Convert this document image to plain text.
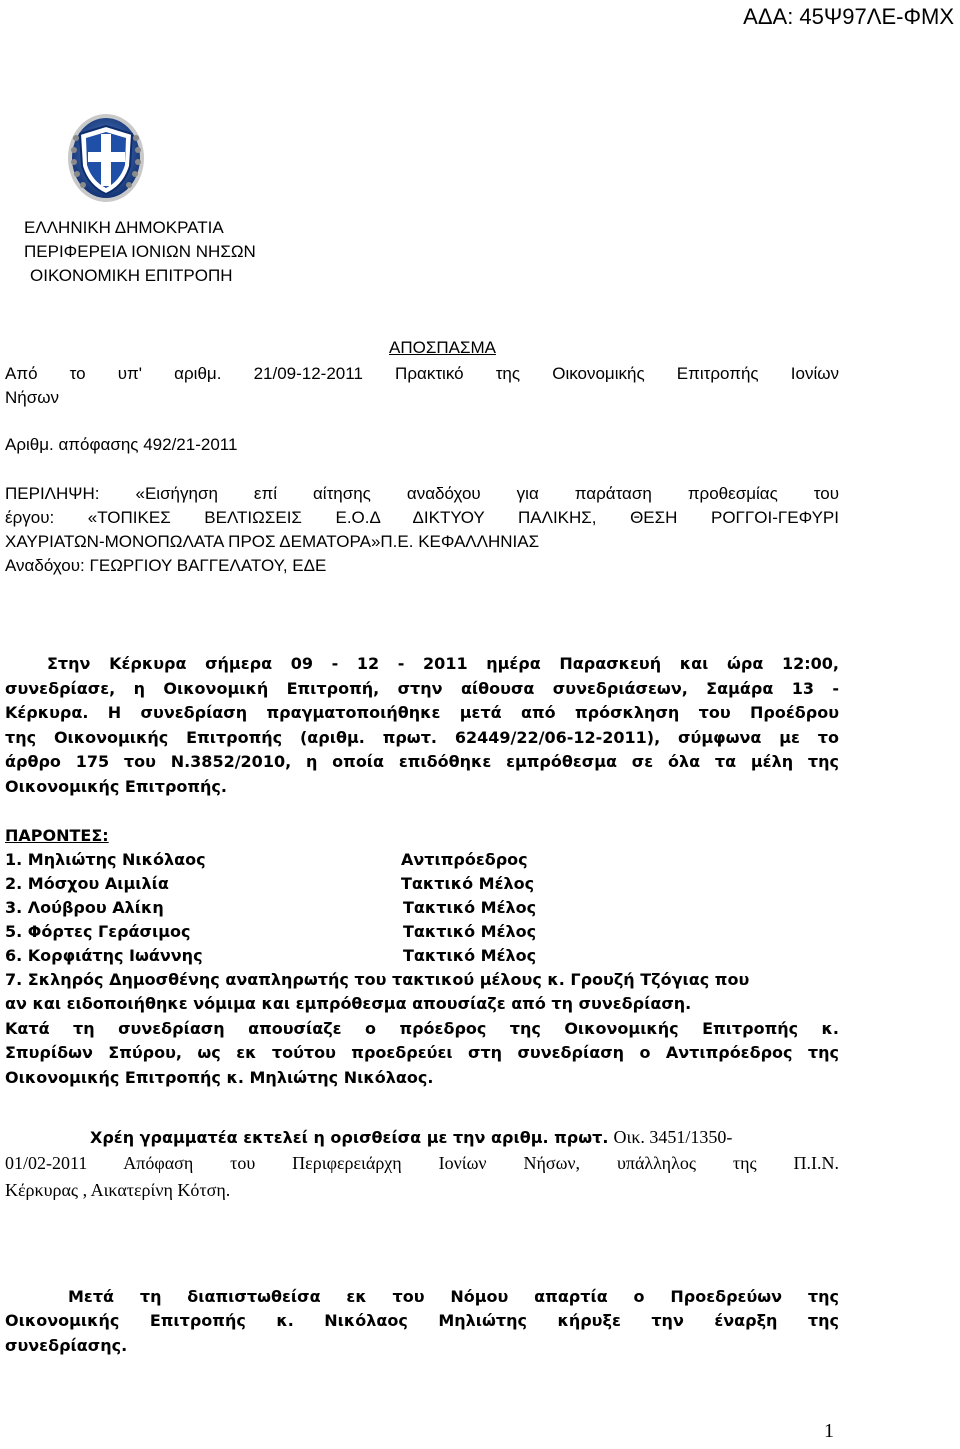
ΑΔΑ: 45Ψ97ΛΕ-ΦΜΧ
ΕΛΛΗΝΙΚΗ ΔΗΜΟΚΡΑΤΙΑ
ΠΕΡΙΦΕΡΕΙΑ ΙΟΝΙΩΝ ΝΗΣΩΝ
ΟΙΚΟΝΟΜΙΚΗ ΕΠΙΤΡΟΠΗ
ΑΠΟΣΠΑΣΜΑ
Από το υπ' αριθμ. 21/09-12-2011 Πρακτικό της Οικονομικής Επιτροπής Ιονίων
Νήσων
Αριθμ. απόφασης 492/21-2011
ΠΕΡΙΛΗΨΗ: «Εισήγηση επί αίτησης αναδόχου για παράταση προθεσμίας του
έργου: «ΤΟΠΙΚΕΣ ΒΕΛΤΙΩΣΕΙΣ Ε.Ο.Δ ΔΙΚΤΥΟΥ ΠΑΛΙΚΗΣ, ΘΕΣΗ ΡΟΓΓΟΙ-ΓΕΦΥΡΙ
ΧΑΥΡΙΑΤΩΝ-ΜΟΝΟΠΩΛΑΤΑ ΠΡΟΣ ΔΕΜΑΤΟΡΑ»Π.Ε. ΚΕΦΑΛΛΗΝΙΑΣ
Αναδόχου: ΓΕΩΡΓΙΟΥ ΒΑΓΓΕΛΑΤΟΥ, ΕΔΕ
Στην Κέρκυρα σήμερα 09 - 12 - 2011 ημέρα Παρασκευή και ώρα 12:00,
συνεδρίασε, η Οικονομική Επιτροπή, στην αίθουσα συνεδριάσεων, Σαμάρα 13 -
Κέρκυρα. Η συνεδρίαση πραγματοποιήθηκε μετά από πρόσκληση του Προέδρου
της Οικονομικής Επιτροπής (αριθμ. πρωτ. 62449/22/06-12-2011), σύμφωνα με το
άρθρο 175 του Ν.3852/2010, η οποία επιδόθηκε εμπρόθεσμα σε όλα τα μέλη της
Οικονομικής Επιτροπής.
ΠΑΡΟΝΤΕΣ:
1. Μηλιώτης Νικόλαος	Αντιπρόεδρος
2. Μόσχου Αιμιλία	Τακτικό Μέλος
3. Λούβρου Αλίκη	Τακτικό Μέλος
5. Φόρτες Γεράσιμος	Τακτικό Μέλος
6. Κορφιάτης Ιωάννης	Τακτικό Μέλος
7. Σκληρός Δημοσθένης αναπληρωτής του τακτικού μέλους κ. Γρουζή Τζόγιας που
αν και ειδοποιήθηκε νόμιμα και εμπρόθεσμα απουσίαζε από τη συνεδρίαση.
Κατά τη συνεδρίαση απουσίαζε ο πρόεδρος της Οικονομικής Επιτροπής κ.
Σπυρίδων Σπύρου, ως εκ τούτου προεδρεύει στη συνεδρίαση ο Αντιπρόεδρος της
Οικονομικής Επιτροπής κ. Μηλιώτης Νικόλαος.
Χρέη γραμματέα εκτελεί η ορισθείσα με την αριθμ. πρωτ. Οικ. 3451/1350-
01/02-2011 Απόφαση του Περιφερειάρχη Ιονίων Νήσων, υπάλληλος της Π.Ι.Ν.
Κέρκυρας , Αικατερίνη Κότση.
Μετά τη διαπιστωθείσα εκ του Νόμου απαρτία ο Προεδρεύων της
Οικονομικής Επιτροπής κ. Νικόλαος Μηλιώτης κήρυξε την έναρξη της
συνεδρίασης.
1
